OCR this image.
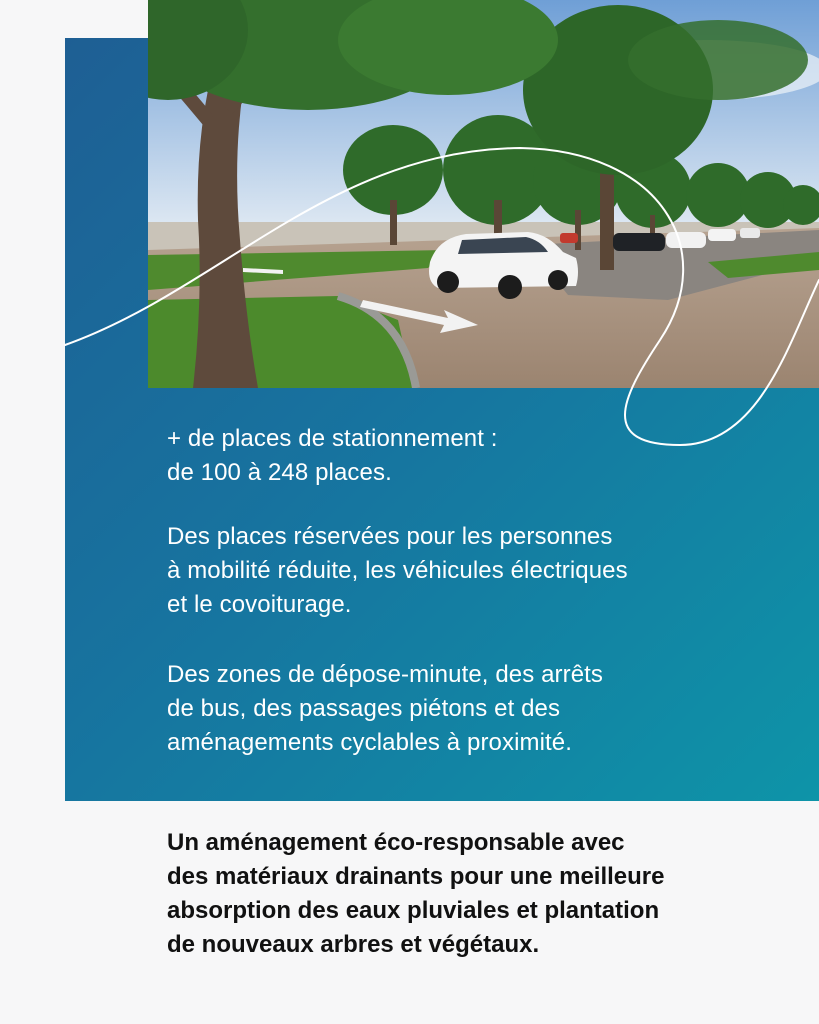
+ de places de stationnement :

de 100 à 248 places.

Des places réservées pour les personnes

à mobilité réduite, les véhicules électriques

et le covoiturage.

Des zones de dépose-minute, des arrêts

de bus, des passages piétons et des

aménagements cyclables à proximité.

Un aménagement éco-responsable avec
des matériaux drainants pour une meilleure
absorption des eaux pluviales et plantation
de nouveaux arbres et végétaux.
